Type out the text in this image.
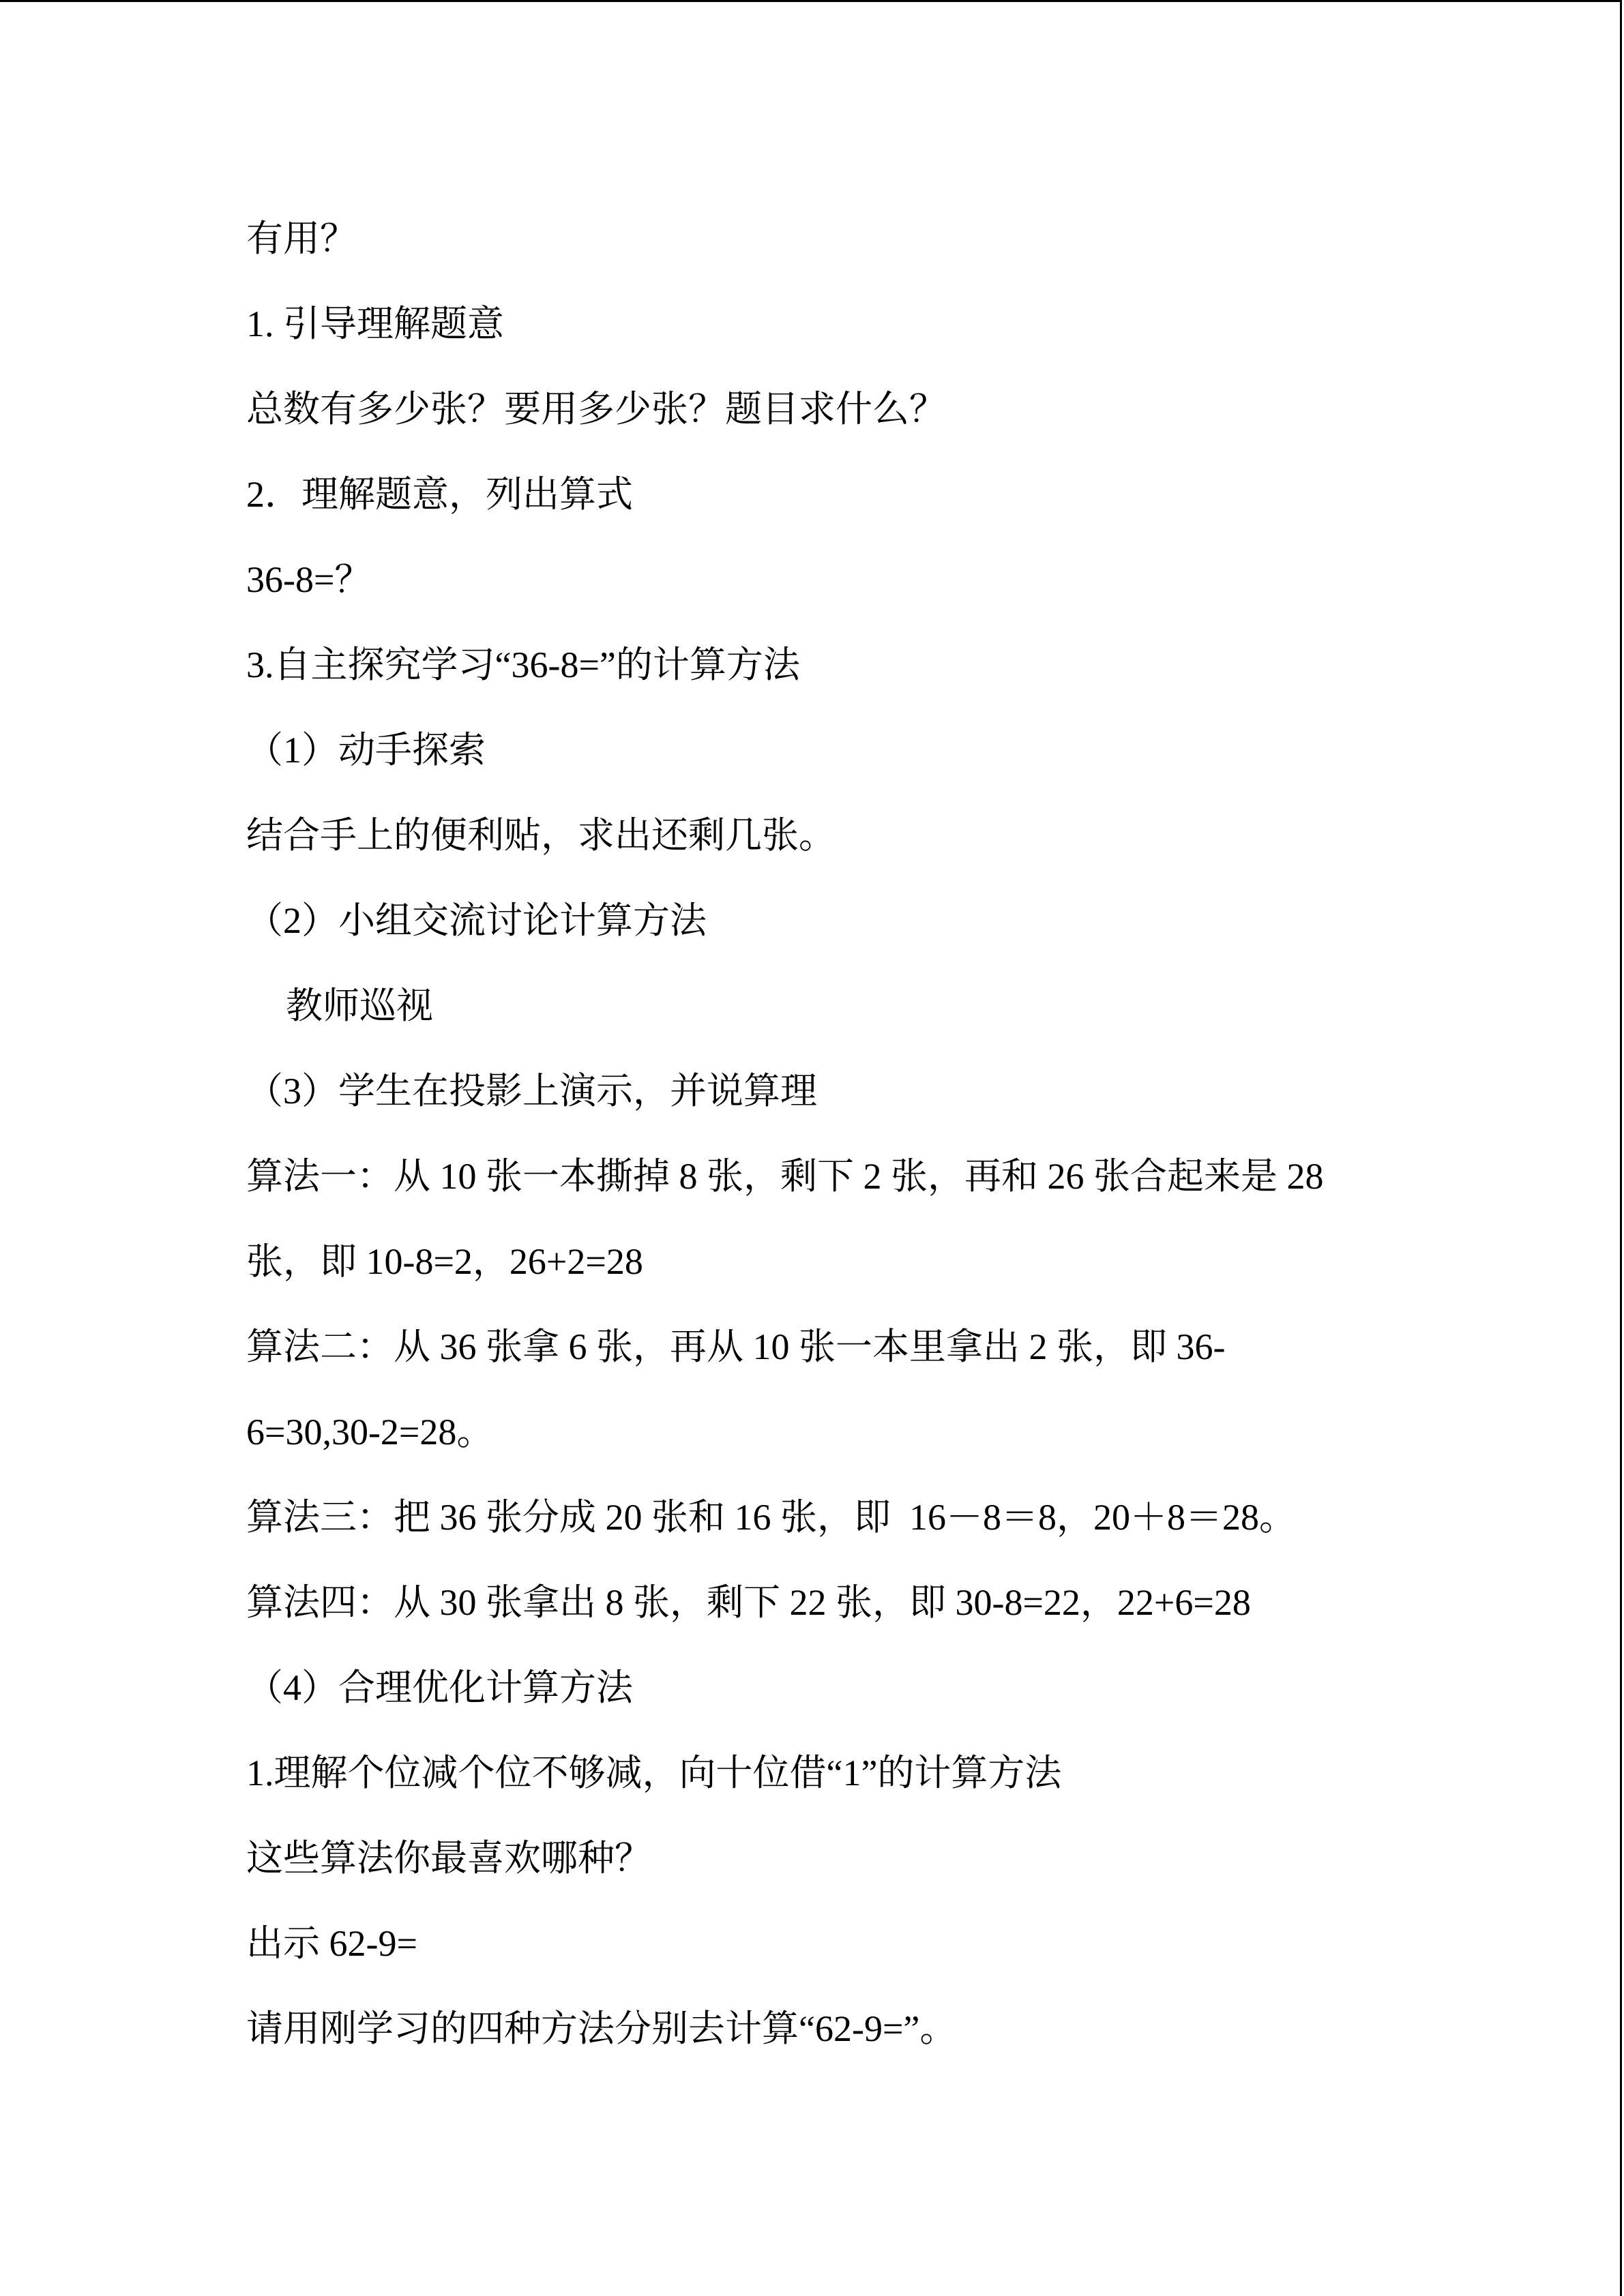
有用？
1. 引导理解题意
总数有多少张？要用多少张？题目求什么？
2．理解题意，列出算式
36-8=？
3.自主探究学习“36-8=”的计算方法
（1）动手探索
结合手上的便利贴，求出还剩几张。
（2）小组交流讨论计算方法
教师巡视
（3）学生在投影上演示，并说算理
算法一：从 10 张一本撕掉 8 张，剩下 2 张，再和 26 张合起来是 28
张，即 10-8=2，26+2=28
算法二：从 36 张拿 6 张，再从 10 张一本里拿出 2 张，即 36-
6=30,30-2=28。
算法三：把 36 张分成 20 张和 16 张，即  16－8＝8，20＋8＝28。
算法四：从 30 张拿出 8 张，剩下 22 张，即 30-8=22，22+6=28
（4）合理优化计算方法
1.理解个位减个位不够减，向十位借“1”的计算方法
这些算法你最喜欢哪种？
出示 62-9=
请用刚学习的四种方法分别去计算“62-9=”。
